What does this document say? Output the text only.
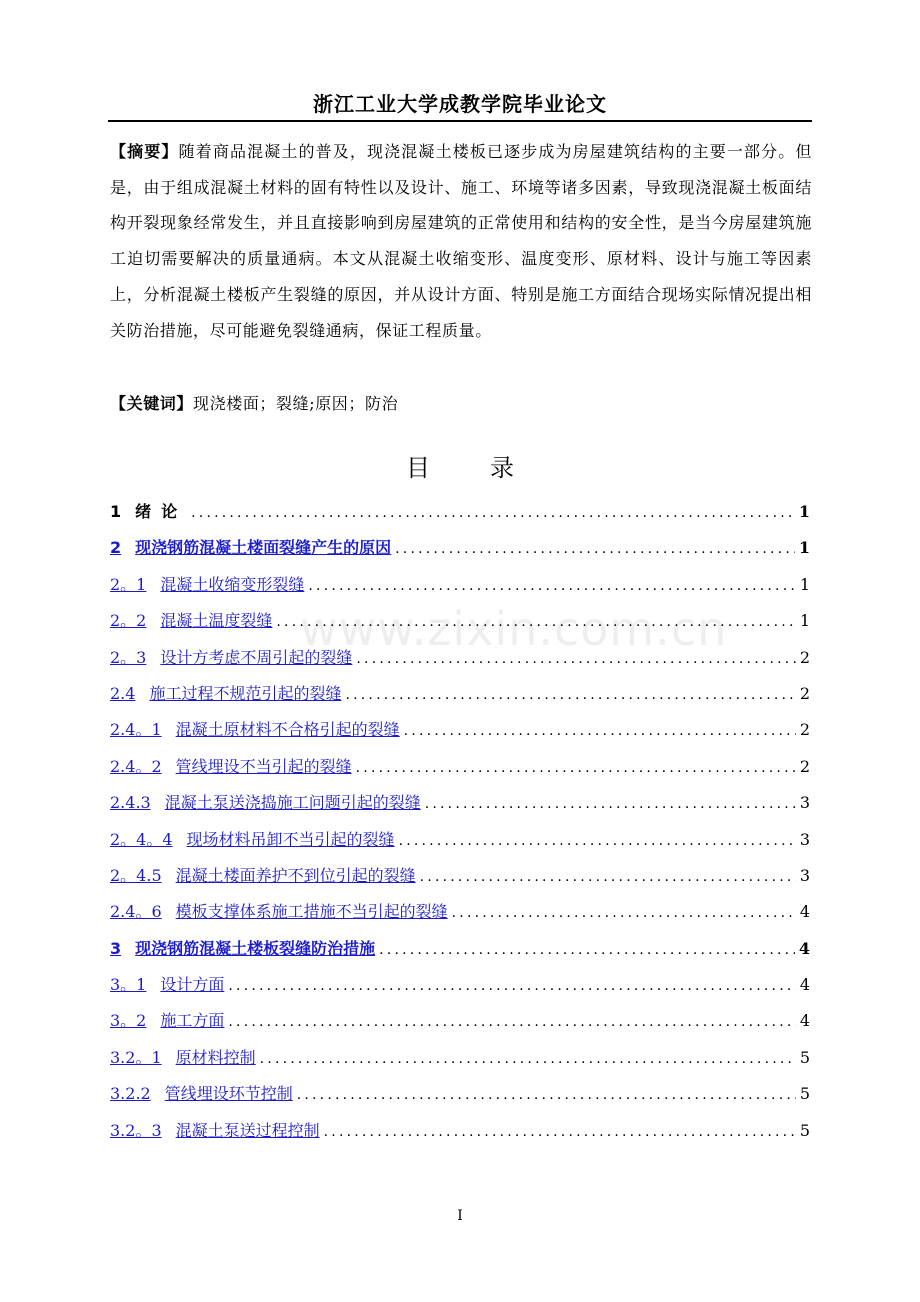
浙江工业大学成教学院毕业论文
【摘要】随着商品混凝土的普及，现浇混凝土楼板已逐步成为房屋建筑结构的主要一部分。但是，由于组成混凝土材料的固有特性以及设计、施工、环境等诸多因素，导致现浇混凝土板面结构开裂现象经常发生，并且直接影响到房屋建筑的正常使用和结构的安全性，是当今房屋建筑施工迫切需要解决的质量通病。本文从混凝土收缩变形、温度变形、原材料、设计与施工等因素上，分析混凝土楼板产生裂缝的原因，并从设计方面、特别是施工方面结合现场实际情况提出相关防治措施，尽可能避免裂缝通病，保证工程质量。
【关键词】现浇楼面；裂缝;原因；防治
目录
www.zixin.com.cn
1 绪论 .....	1
2 现浇钢筋混凝土楼面裂缝产生的原因 .....	1
2。1 混凝土收缩变形裂缝 .....	1
2。2 混凝土温度裂缝 .....	1
2。3 设计方考虑不周引起的裂缝 .....	2
2.4 施工过程不规范引起的裂缝 .....	2
2.4。1 混凝土原材料不合格引起的裂缝 .....	2
2.4。2 管线埋设不当引起的裂缝 .....	2
2.4.3 混凝土泵送浇捣施工问题引起的裂缝 .....	3
2。4。4 现场材料吊卸不当引起的裂缝 .....	3
2。4.5 混凝土楼面养护不到位引起的裂缝 .....	3
2.4。6 模板支撑体系施工措施不当引起的裂缝 .....	4
3 现浇钢筋混凝土楼板裂缝防治措施 .....	4
3。1 设计方面 .....	4
3。2 施工方面 .....	4
3.2。1 原材料控制 .....	5
3.2.2 管线埋设环节控制 .....	5
3.2。3 混凝土泵送过程控制 .....	5
I
